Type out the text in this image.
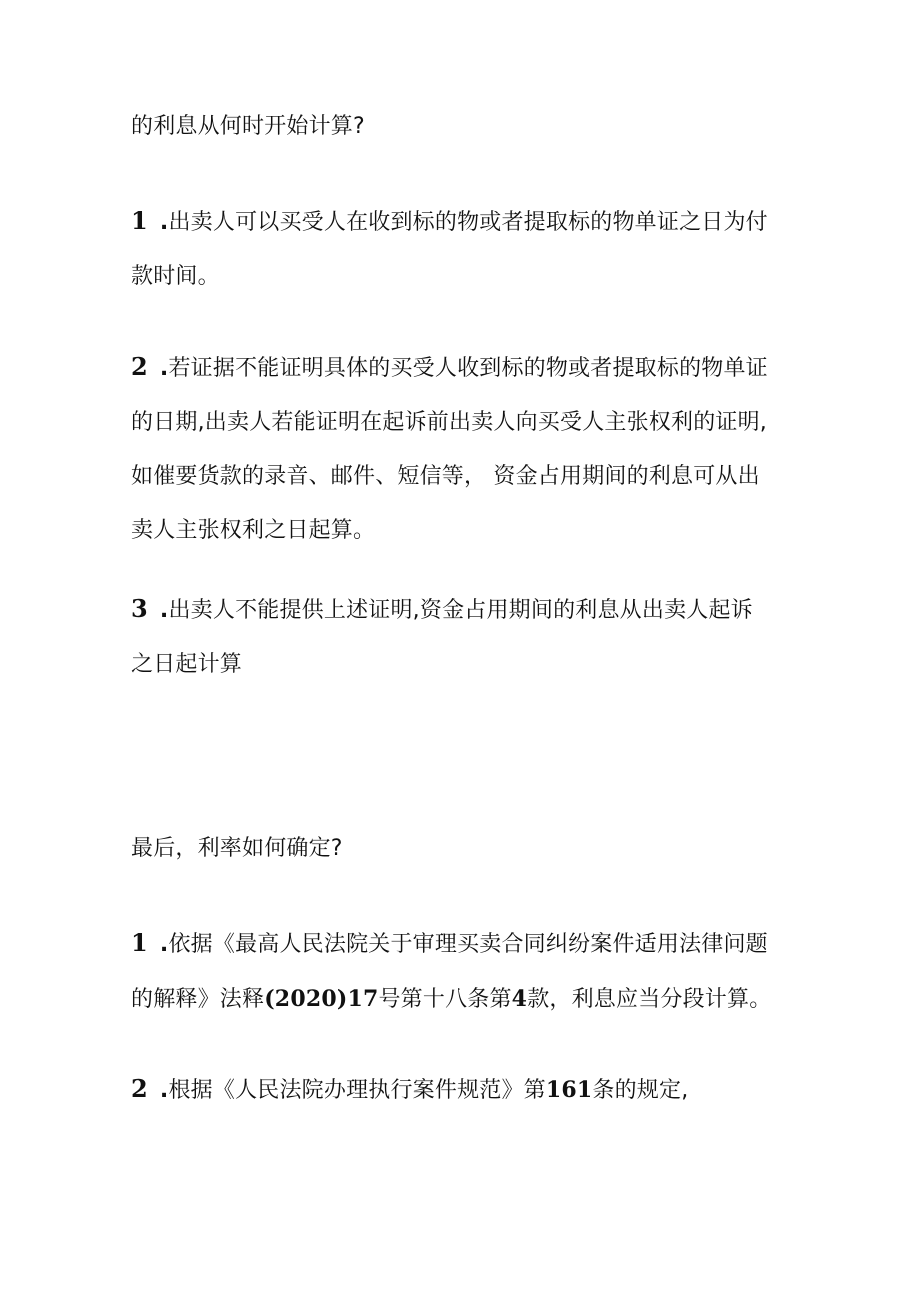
的利息从何时开始计算?
1 .出卖人可以买受人在收到标的物或者提取标的物单证之日为付
款时间。
2 .若证据不能证明具体的买受人收到标的物或者提取标的物单证
的日期,出卖人若能证明在起诉前出卖人向买受人主张权利的证明,
如催要货款的录音、邮件、短信等， 资金占用期间的利息可从出
卖人主张权利之日起算。
3 .出卖人不能提供上述证明,资金占用期间的利息从出卖人起诉
之日起计算
最后，利率如何确定?
1 .依据《最高人民法院关于审理买卖合同纠纷案件适用法律问题
的解释》法释(2020)17号第十八条第4款，利息应当分段计算。
2 .根据《人民法院办理执行案件规范》第161条的规定,
